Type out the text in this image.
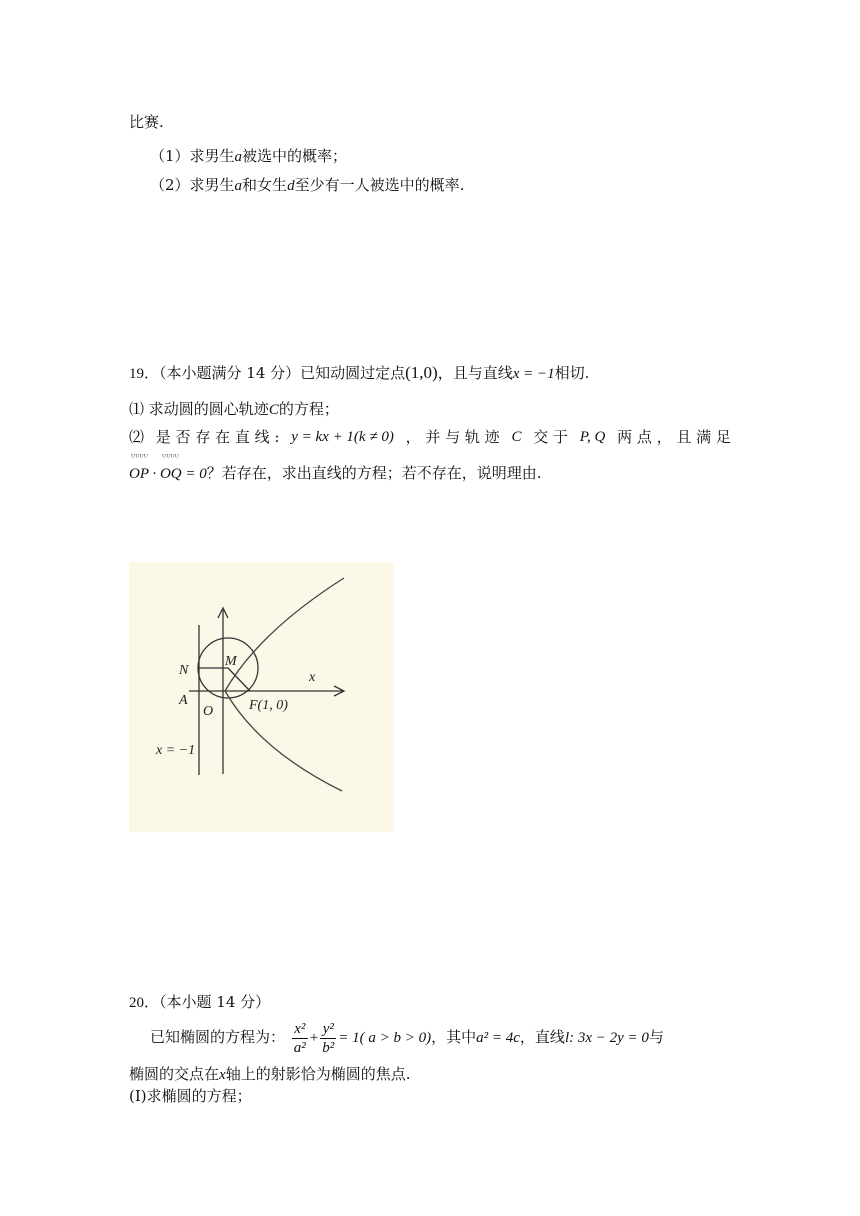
比赛.
（1）求男生a被选中的概率；
（2）求男生a和女生d至少有一人被选中的概率.
19．（本小题满分 14 分）已知动圆过定点(1,0)，且与直线x = −1相切.
⑴ 求动圆的圆心轨迹C的方程；
⑵ 是 否 存 在 直 线 : y = kx + 1(k ≠ 0) ， 并 与 轨 迹 C 交 于 P, Q 两 点 ， 且 满 足
ᵁᵁᵁᵁ ᵁᵁᵁᵁ
OP · OQ = 0？若存在，求出直线的方程；若不存在，说明理由.
N
M
x
A
O	F(1, 0)
x = −1
20．（本小题 14 分）
已知椭圆的方程为： $\frac{\text{x²}}{\text{a²}} + \frac{\text{y²}}{\text{b²}} = 1$( a > b > 0)，其中a² = 4c，直线l: 3x − 2y = 0与
椭圆的交点在x轴上的射影恰为椭圆的焦点.
(Ⅰ)求椭圆的方程；
